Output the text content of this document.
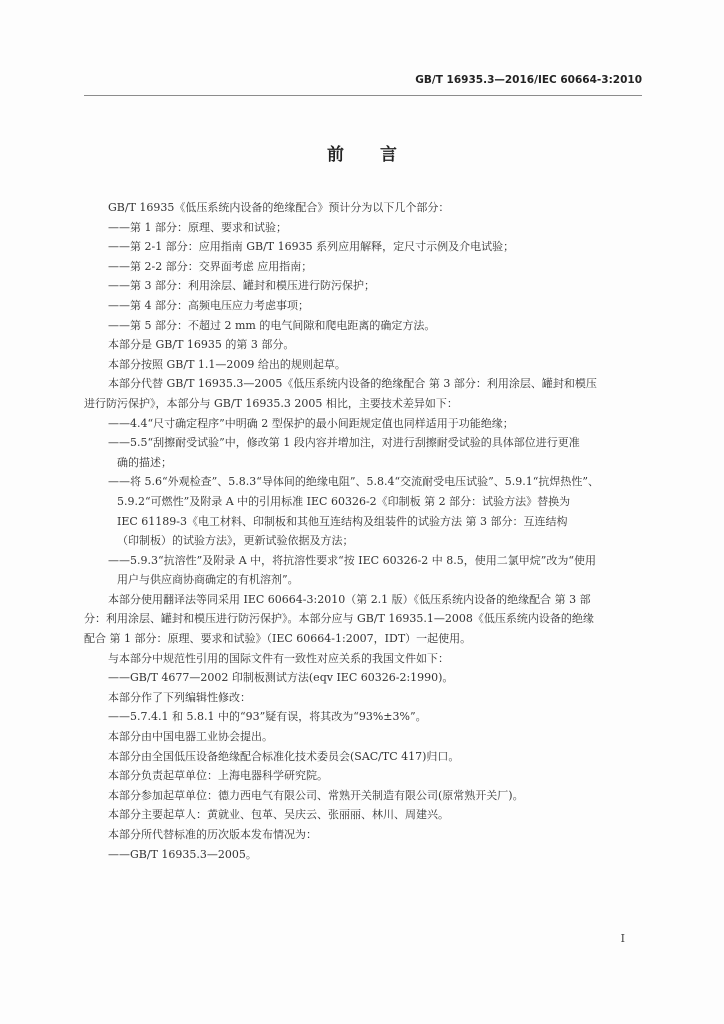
GB/T 16935.3—2016/IEC 60664-3:2010
前言

GB/T 16935《低压系统内设备的绝缘配合》预计分为以下几个部分：

——第 1 部分：原理、要求和试验；

——第 2-1 部分：应用指南 GB/T 16935 系列应用解释，定尺寸示例及介电试验；

——第 2-2 部分：交界面考虑 应用指南；

——第 3 部分：利用涂层、罐封和模压进行防污保护；

——第 4 部分：高频电压应力考虑事项；

——第 5 部分：不超过 2 mm 的电气间隙和爬电距离的确定方法。

本部分是 GB/T 16935 的第 3 部分。

本部分按照 GB/T 1.1—2009 给出的规则起草。

本部分代替 GB/T 16935.3—2005《低压系统内设备的绝缘配合 第 3 部分：利用涂层、罐封和模压

进行防污保护》，本部分与 GB/T 16935.3 2005 相比，主要技术差异如下：

——4.4“尺寸确定程序”中明确 2 型保护的最小间距规定值也同样适用于功能绝缘；

——5.5“刮擦耐受试验”中，修改第 1 段内容并增加注，对进行刮擦耐受试验的具体部位进行更准

确的描述；

——将 5.6“外观检查”、5.8.3“导体间的绝缘电阻”、5.8.4“交流耐受电压试验”、5.9.1“抗焊热性”、

5.9.2“可燃性”及附录 A 中的引用标准 IEC 60326-2《印制板 第 2 部分：试验方法》替换为

IEC 61189-3《电工材料、印制板和其他互连结构及组装件的试验方法 第 3 部分：互连结构

（印制板）的试验方法》，更新试验依据及方法；

——5.9.3“抗溶性”及附录 A 中，将抗溶性要求“按 IEC 60326-2 中 8.5，使用二氯甲烷”改为“使用

用户与供应商协商确定的有机溶剂”。

本部分使用翻译法等同采用 IEC 60664-3:2010（第 2.1 版）《低压系统内设备的绝缘配合 第 3 部

分：利用涂层、罐封和模压进行防污保护》。本部分应与 GB/T 16935.1—2008《低压系统内设备的绝缘

配合 第 1 部分：原理、要求和试验》（IEC 60664-1:2007，IDT）一起使用。

与本部分中规范性引用的国际文件有一致性对应关系的我国文件如下：

——GB/T 4677—2002 印制板测试方法(eqv IEC 60326-2:1990)。

本部分作了下列编辑性修改：

——5.7.4.1 和 5.8.1 中的“93”疑有误，将其改为“93%±3%”。

本部分由中国电器工业协会提出。

本部分由全国低压设备绝缘配合标准化技术委员会(SAC/TC 417)归口。

本部分负责起草单位：上海电器科学研究院。

本部分参加起草单位：德力西电气有限公司、常熟开关制造有限公司(原常熟开关厂)。

本部分主要起草人：黄就业、包革、吴庆云、张丽丽、林川、周建兴。

本部分所代替标准的历次版本发布情况为：

——GB/T 16935.3—2005。

I
